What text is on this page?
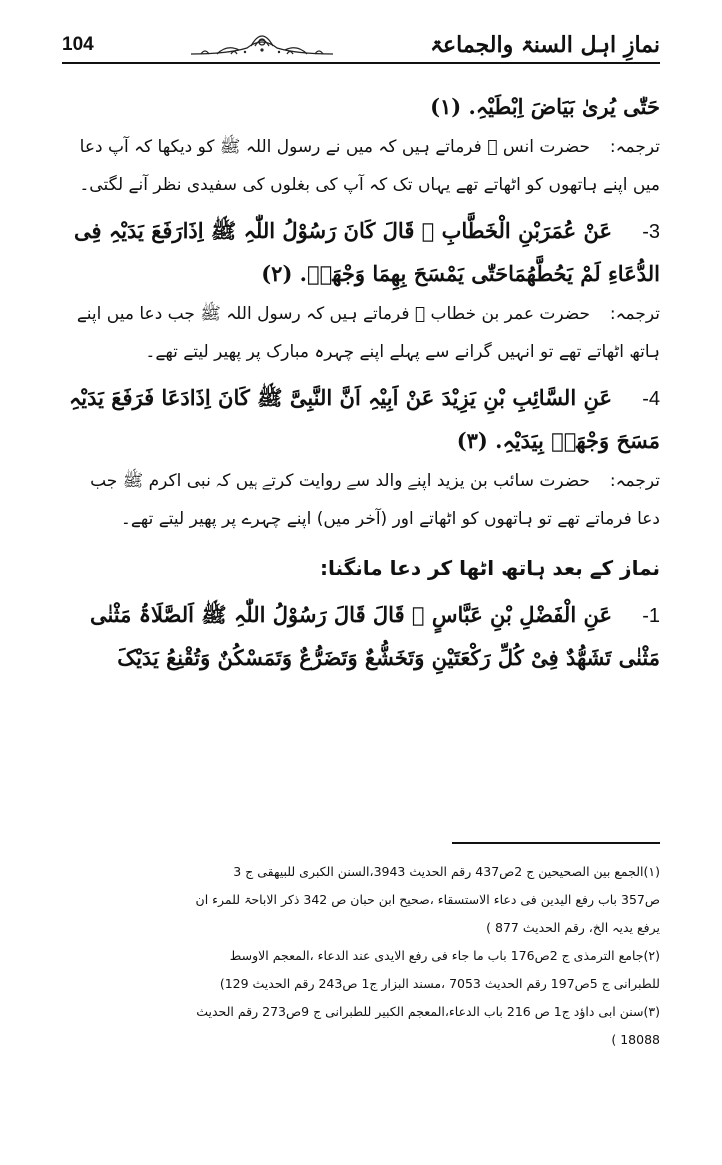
104	نمازِ اہل السنۃ والجماعۃ

حَتّٰی یُریٰ بَیَاضَ اِبْطَیْہِ. (۱)

ترجمہ:حضرت انس ﷛ فرماتے ہیں کہ میں نے رسول اللہ ﷺ کو دیکھا کہ آپ دعا

میں اپنے ہاتھوں کو اٹھاتے تھے یہاں تک کہ آپ کی بغلوں کی سفیدی نظر آنے لگتی۔

3-عَنْ عُمَرَبْنِ الْخَطَّابِ ﷛ قَالَ کَانَ رَسُوْلُ اللّٰہِ ﷺ اِذَارَفَعَ یَدَیْہِ فِی

الدُّعَاءِ لَمْ یَحُطَّھُمَاحَتّٰی یَمْسَحَ بِھِمَا وَجْھَہٗ. (۲)

ترجمہ:حضرت عمر بن خطاب ﷛ فرماتے ہیں کہ رسول اللہ ﷺ جب دعا میں اپنے

ہاتھ اٹھاتے تھے تو انہیں گرانے سے پہلے اپنے چہرہ مبارک پر پھیر لیتے تھے۔

4-عَنِ السَّائِبِ بْنِ یَزِیْدَ عَنْ اَبِیْہِ اَنَّ النَّبِیَّ ﷺ کَانَ اِذَادَعَا فَرَفَعَ یَدَیْہِ

مَسَحَ وَجْھَہٗ بِیَدَیْہِ. (۳)

ترجمہ:حضرت سائب بن یزید اپنے والد سے روایت کرتے ہیں کہ نبی اکرم ﷺ جب

دعا فرماتے تھے تو ہاتھوں کو اٹھاتے اور (آخر میں) اپنے چہرے پر پھیر لیتے تھے۔

نماز کے بعد ہاتھ اٹھا کر دعا مانگنا:

1-عَنِ الْفَضْلِ بْنِ عَبَّاسٍ ﷠ قَالَ قَالَ رَسُوْلُ اللّٰہِ ﷺ اَلصَّلَاۃُ مَثْنٰی

مَثْنٰی تَشَھُّدٌ فِیْ کُلِّ رَکْعَتَیْنِ وَتَخَشُّعٌ وَتَضَرُّعٌ وَتَمَسْکُنٌ وَتُقْنِعُ یَدَیْکَ

(۱)الجمع بین الصحیحین ج 2ص437 رقم الحدیث 3943،السنن الکبری للبیھقی ج 3

ص357 باب رفع الیدین فی دعاء الاستسقاء ،صحیح ابن حبان ص 342 ذکر الاباحۃ للمرء ان

یرفع یدیہ الخ، رقم الحدیث 877 )

(۲)جامع الترمذی ج 2ص176 باب ما جاء فی رفع الایدی عند الدعاء ،المعجم الاوسط

للطبرانی ج 5ص197 رقم الحدیث 7053 ،مسند البزار ج1 ص243 رقم الحدیث 129)

(۳)سنن ابی داؤد ج1 ص 216 باب الدعاء،المعجم الکبیر للطبرانی ج 9ص273 رقم الحدیث

18088 )
